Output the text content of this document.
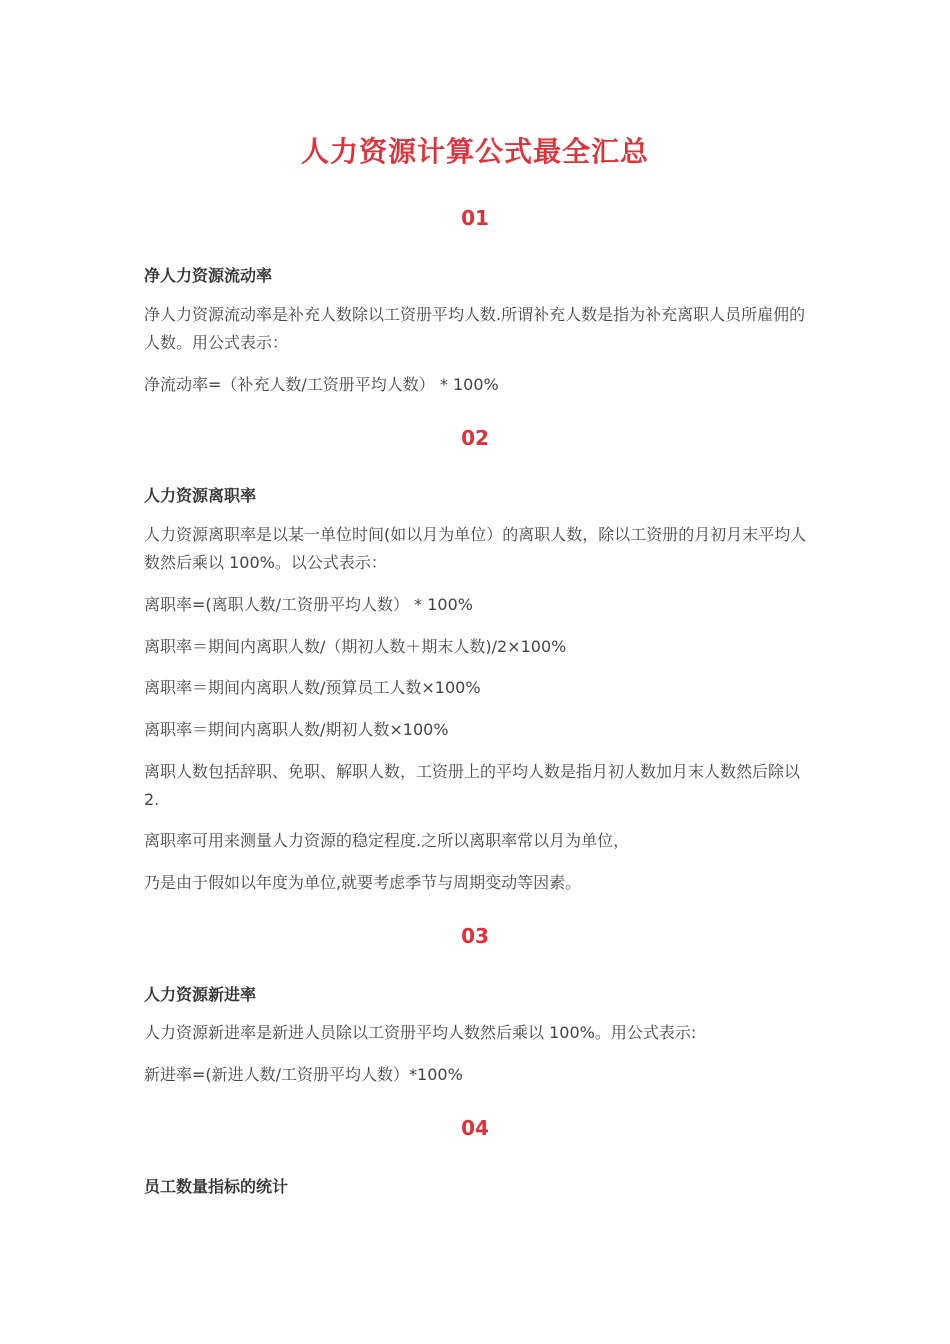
人力资源计算公式最全汇总
01
净人力资源流动率
净人力资源流动率是补充人数除以工资册平均人数.所谓补充人数是指为补充离职人员所雇佣的人数。用公式表示：
净流动率=（补充人数/工资册平均人数） * 100%
02
人力资源离职率
人力资源离职率是以某一单位时间(如以月为单位）的离职人数，除以工资册的月初月末平均人数然后乘以 100%。以公式表示：
离职率=(离职人数/工资册平均人数） * 100%
离职率＝期间内离职人数/（期初人数＋期末人数)/2×100%
离职率＝期间内离职人数/预算员工人数×100%
离职率＝期间内离职人数/期初人数×100%
离职人数包括辞职、免职、解职人数，工资册上的平均人数是指月初人数加月末人数然后除以 2.
离职率可用来测量人力资源的稳定程度.之所以离职率常以月为单位，
乃是由于假如以年度为单位,就要考虑季节与周期变动等因素。
03
人力资源新进率
人力资源新进率是新进人员除以工资册平均人数然后乘以 100%。用公式表示:
新进率=(新进人数/工资册平均人数）*100%
04
员工数量指标的统计
